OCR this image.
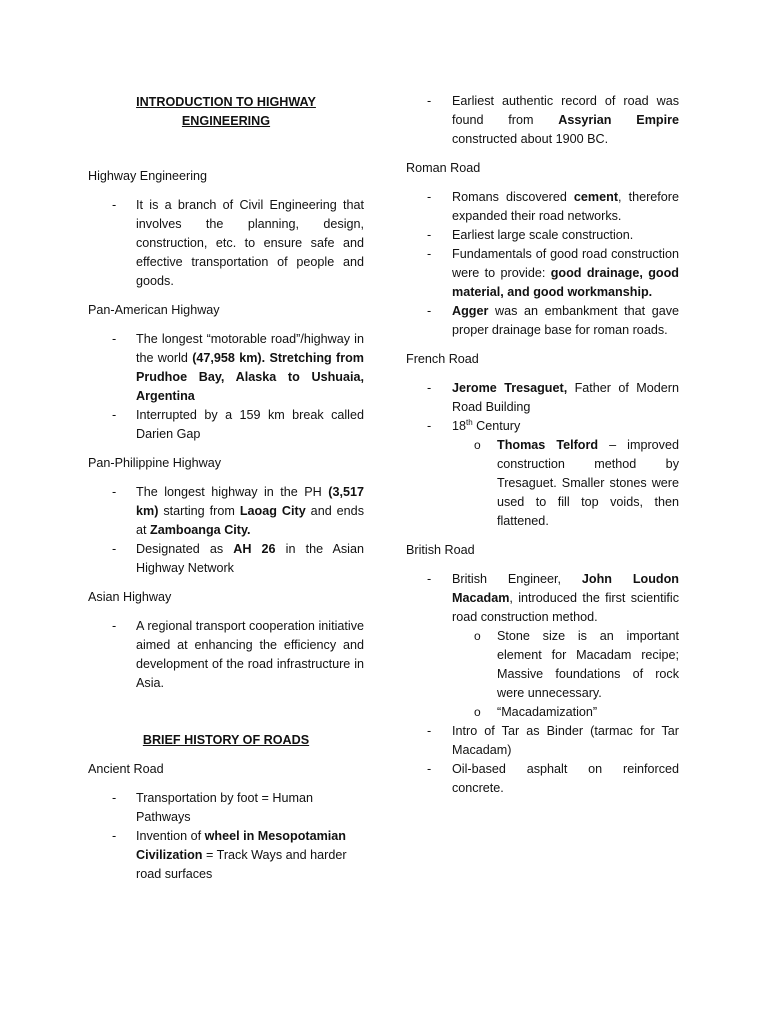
INTRODUCTION TO HIGHWAY
ENGINEERING

Highway Engineering

- It is a branch of Civil Engineering that involves the planning, design, construction, etc. to ensure safe and effective transportation of people and goods.

Pan-American Highway

- The longest “motorable road”/highway in the world (47,958 km). Stretching from Prudhoe Bay, Alaska to Ushuaia, Argentina
- Interrupted by a 159 km break called Darien Gap

Pan-Philippine Highway

- The longest highway in the PH (3,517 km) starting from Laoag City and ends at Zamboanga City.
- Designated as AH 26 in the Asian Highway Network

Asian Highway

- A regional transport cooperation initiative aimed at enhancing the efficiency and development of the road infrastructure in Asia.
BRIEF HISTORY OF ROADS

Ancient Road

- Transportation by foot = Human
Pathways
- Invention of wheel in Mesopotamian Civilization = Track Ways and harder road surfaces
- Earliest authentic record of road was found from Assyrian Empire constructed about 1900 BC.

Roman Road

- Romans discovered cement, therefore expanded their road networks.
- Earliest large scale construction.
- Fundamentals of good road construction were to provide: good drainage, good material, and good workmanship.
- Agger was an embankment that gave proper drainage base for roman roads.

French Road

- Jerome Tresaguet, Father of Modern Road Building
- 18th Century
o Thomas Telford – improved construction method by Tresaguet. Smaller stones were used to fill top voids, then flattened.

British Road

- British Engineer, John Loudon Macadam, introduced the first scientific road construction method.
o Stone size is an important element for Macadam recipe; Massive foundations of rock were unnecessary.
o “Macadamization”
- Intro of Tar as Binder (tarmac for Tar Macadam)
- Oil-based asphalt on reinforced concrete.
